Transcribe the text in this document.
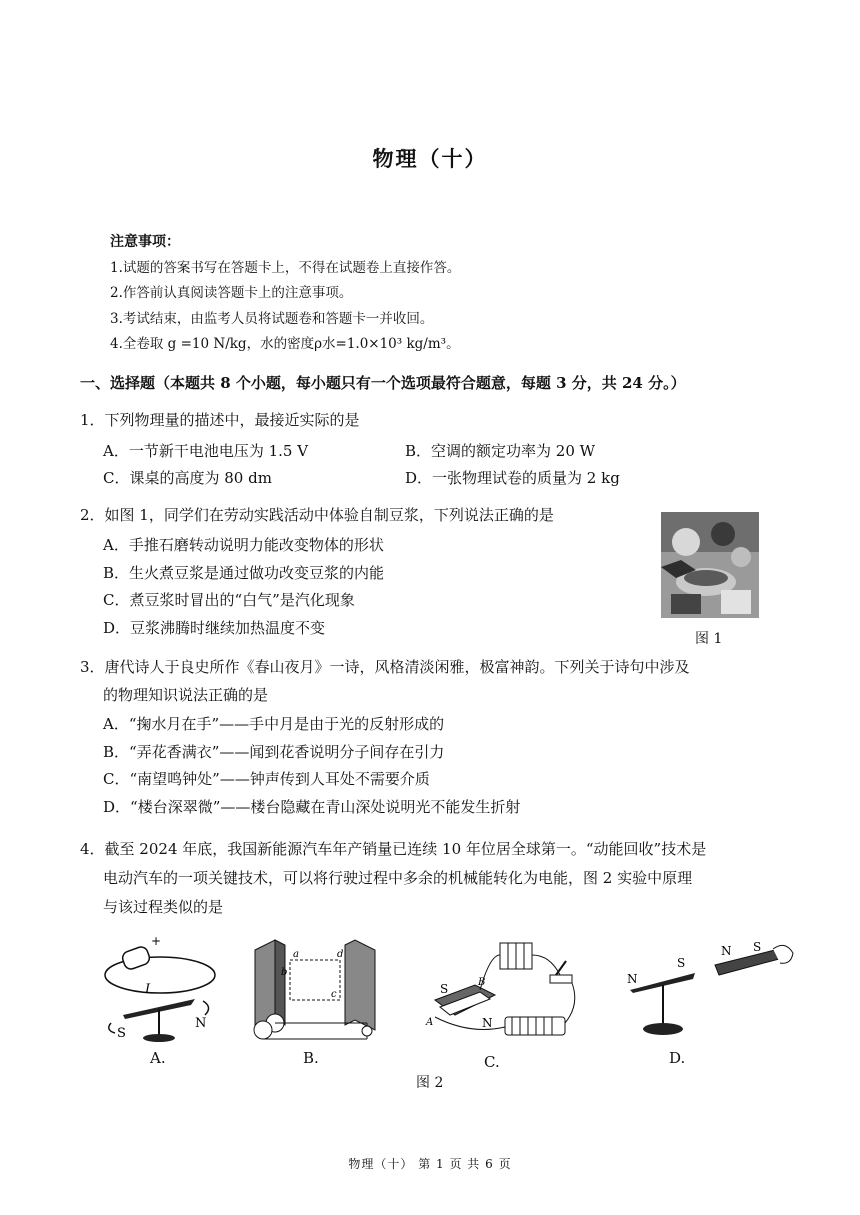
物理（十）
注意事项：
1.试题的答案书写在答题卡上，不得在试题卷上直接作答。
2.作答前认真阅读答题卡上的注意事项。
3.考试结束，由监考人员将试题卷和答题卡一并收回。
4.全卷取 g =10 N/kg，水的密度ρ水=1.0×10³ kg/m³。
一、选择题（本题共 8 个小题，每小题只有一个选项最符合题意，每题 3 分，共 24 分。）
1．下列物理量的描述中，最接近实际的是
A．一节新干电池电压为 1.5 V	B．空调的额定功率为 20 W
C．课桌的高度为 80 dm	D．一张物理试卷的质量为 2 kg
2．如图 1，同学们在劳动实践活动中体验自制豆浆，下列说法正确的是
A．手推石磨转动说明力能改变物体的形状
B．生火煮豆浆是通过做功改变豆浆的内能
C．煮豆浆时冒出的“白气”是汽化现象
D．豆浆沸腾时继续加热温度不变
图 1
3．唐代诗人于良史所作《春山夜月》一诗，风格清淡闲雅，极富神韵。下列关于诗句中涉及
的物理知识说法正确的是
A．“掬水月在手”——手中月是由于光的反射形成的
B．“弄花香满衣”——闻到花香说明分子间存在引力
C．“南望鸣钟处”——钟声传到人耳处不需要介质
D．“楼台深翠微”——楼台隐藏在青山深处说明光不能发生折射
4．截至 2024 年底，我国新能源汽车年产销量已连续 10 年位居全球第一。“动能回收”技术是
电动汽车的一项关键技术，可以将行驶过程中多余的机械能转化为电能，图 2 实验中原理
与该过程类似的是
+
I
S
N
A.
a
b
c
d
B.
S
N
A
B
C.
N
S
N S
D.
图 2
物理（十） 第 1 页 共 6 页
